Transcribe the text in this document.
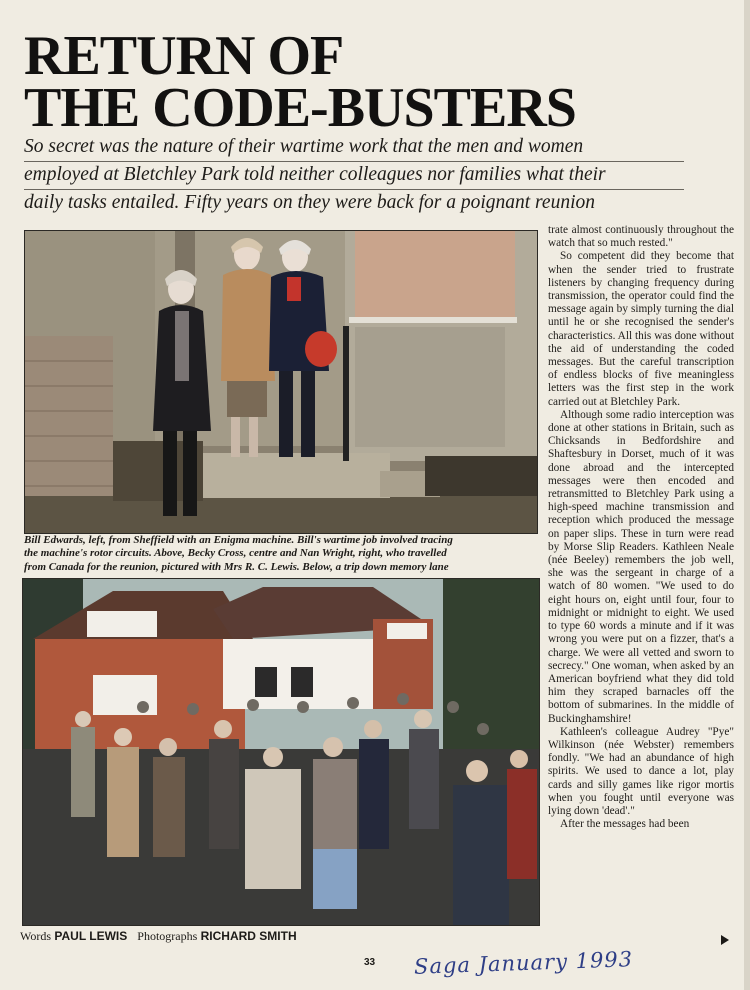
RETURN OF
THE CODE-BUSTERS
So secret was the nature of their wartime work that the men and women
employed at Bletchley Park told neither colleagues nor families what their
daily tasks entailed. Fifty years on they were back for a poignant reunion

Bill Edwards, left, from Sheffield with an Enigma machine. Bill's wartime job involved tracing

the machine's rotor circuits. Above, Becky Cross, centre and Nan Wright, right, who travelled

from Canada for the reunion, pictured with Mrs R. C. Lewis. Below, a trip down memory lane

Words PAUL LEWIS Photographs RICHARD SMITH

trate almost continuously throughout the watch that so much rested."

So competent did they become that when the sender tried to frustrate listeners by changing frequency during transmission, the operator could find the message again by simply turning the dial until he or she recognised the sender's characteristics. All this was done without the aid of understanding the coded messages. But the careful transcription of endless blocks of five meaningless letters was the first step in the work carried out at Bletchley Park.

Although some radio interception was done at other stations in Britain, such as Chicksands in Bedfordshire and Shaftesbury in Dorset, much of it was done abroad and the intercepted messages were then encoded and retransmitted to Bletchley Park using a high-speed machine transmission and reception which produced the message on paper slips. These in turn were read by Morse Slip Readers. Kathleen Neale (née Beeley) remembers the job well, she was the sergeant in charge of a watch of 80 women. "We used to do eight hours on, eight until four, four to midnight or midnight to eight. We used to type 60 words a minute and if it was wrong you were put on a fizzer, that's a charge. We were all vetted and sworn to secrecy." One woman, when asked by an American boyfriend what they did told him they scraped barnacles off the bottom of submarines. In the middle of Buckinghamshire!

Kathleen's colleague Audrey "Pye" Wilkinson (née Webster) remembers fondly. "We had an abundance of high spirits. We used to dance a lot, play cards and silly games like rigor mortis when you fought until everyone was lying down 'dead'."

After the messages had been

33 Saga January 1993
